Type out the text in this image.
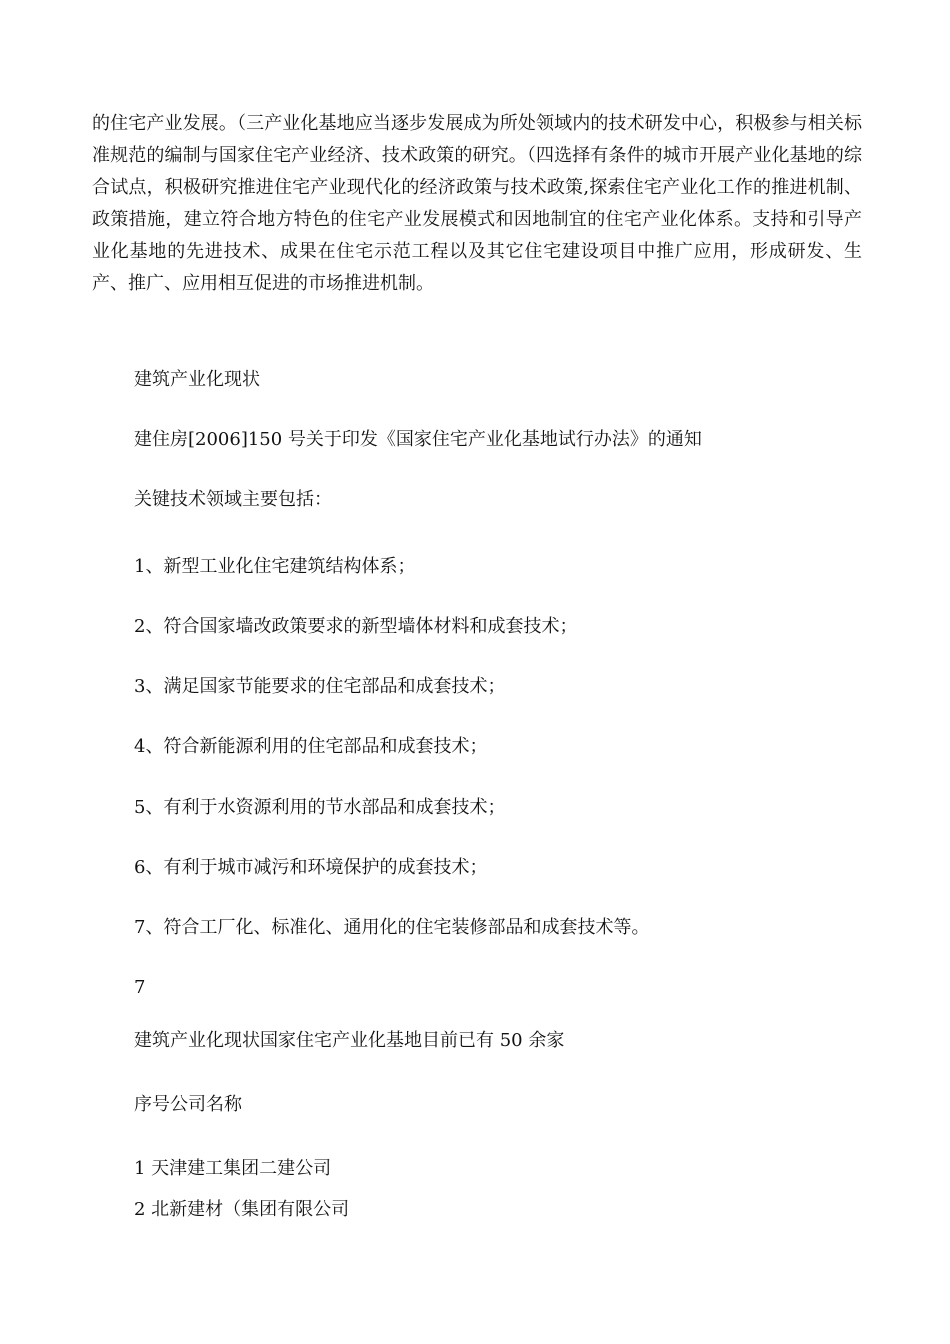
的住宅产业发展。（三产业化基地应当逐步发展成为所处领域内的技术研发中心，积极参与相关标准规范的编制与国家住宅产业经济、技术政策的研究。（四选择有条件的城市开展产业化基地的综合试点，积极研究推进住宅产业现代化的经济政策与技术政策,探索住宅产业化工作的推进机制、政策措施，建立符合地方特色的住宅产业发展模式和因地制宜的住宅产业化体系。支持和引导产业化基地的先进技术、成果在住宅示范工程以及其它住宅建设项目中推广应用，形成研发、生产、推广、应用相互促进的市场推进机制。

建筑产业化现状

建住房[2006]150 号关于印发《国家住宅产业化基地试行办法》的通知

关键技术领域主要包括：

1、新型工业化住宅建筑结构体系；

2、符合国家墙改政策要求的新型墙体材料和成套技术；

3、满足国家节能要求的住宅部品和成套技术；

4、符合新能源利用的住宅部品和成套技术；

5、有利于水资源利用的节水部品和成套技术；

6、有利于城市减污和环境保护的成套技术；

7、符合工厂化、标准化、通用化的住宅装修部品和成套技术等。

7

建筑产业化现状国家住宅产业化基地目前已有 50 余家

序号公司名称

1 天津建工集团二建公司

2 北新建材（集团有限公司
